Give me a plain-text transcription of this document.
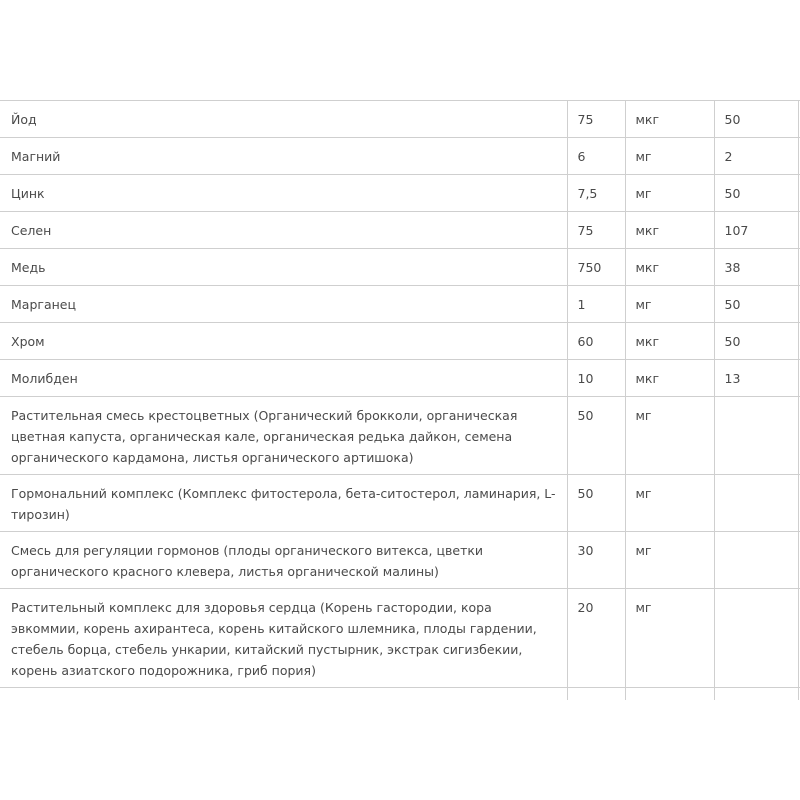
Йод	75	мкг	50
Магний	6	мг	2
Цинк	7,5	мг	50
Селен	75	мкг	107
Медь	750	мкг	38
Марганец	1	мг	50
Хром	60	мкг	50
Молибден	10	мкг	13
Растительная смесь крестоцветных (Органический брокколи, органическая цветная капуста, органическая кале, органическая редька дайкон, семена органического кардамона, листья органического артишока)	50	мг	
Гормональний комплекс (Комплекс фитостерола, бета-ситостерол, ламинария, L-тирозин)	50	мг	
Смесь для регуляции гормонов (плоды органического витекса, цветки органического красного клевера, листья органической малины)	30	мг	
Растительный комплекс для здоровья сердца (Корень гастородии, кора эвкоммии, корень ахирантеса, корень китайского шлемника, плоды гардении, стебель борца, стебель ункарии, китайский пустырник, экстрак сигизбекии, корень азиатского подорожника, гриб пория)	20	мг	
